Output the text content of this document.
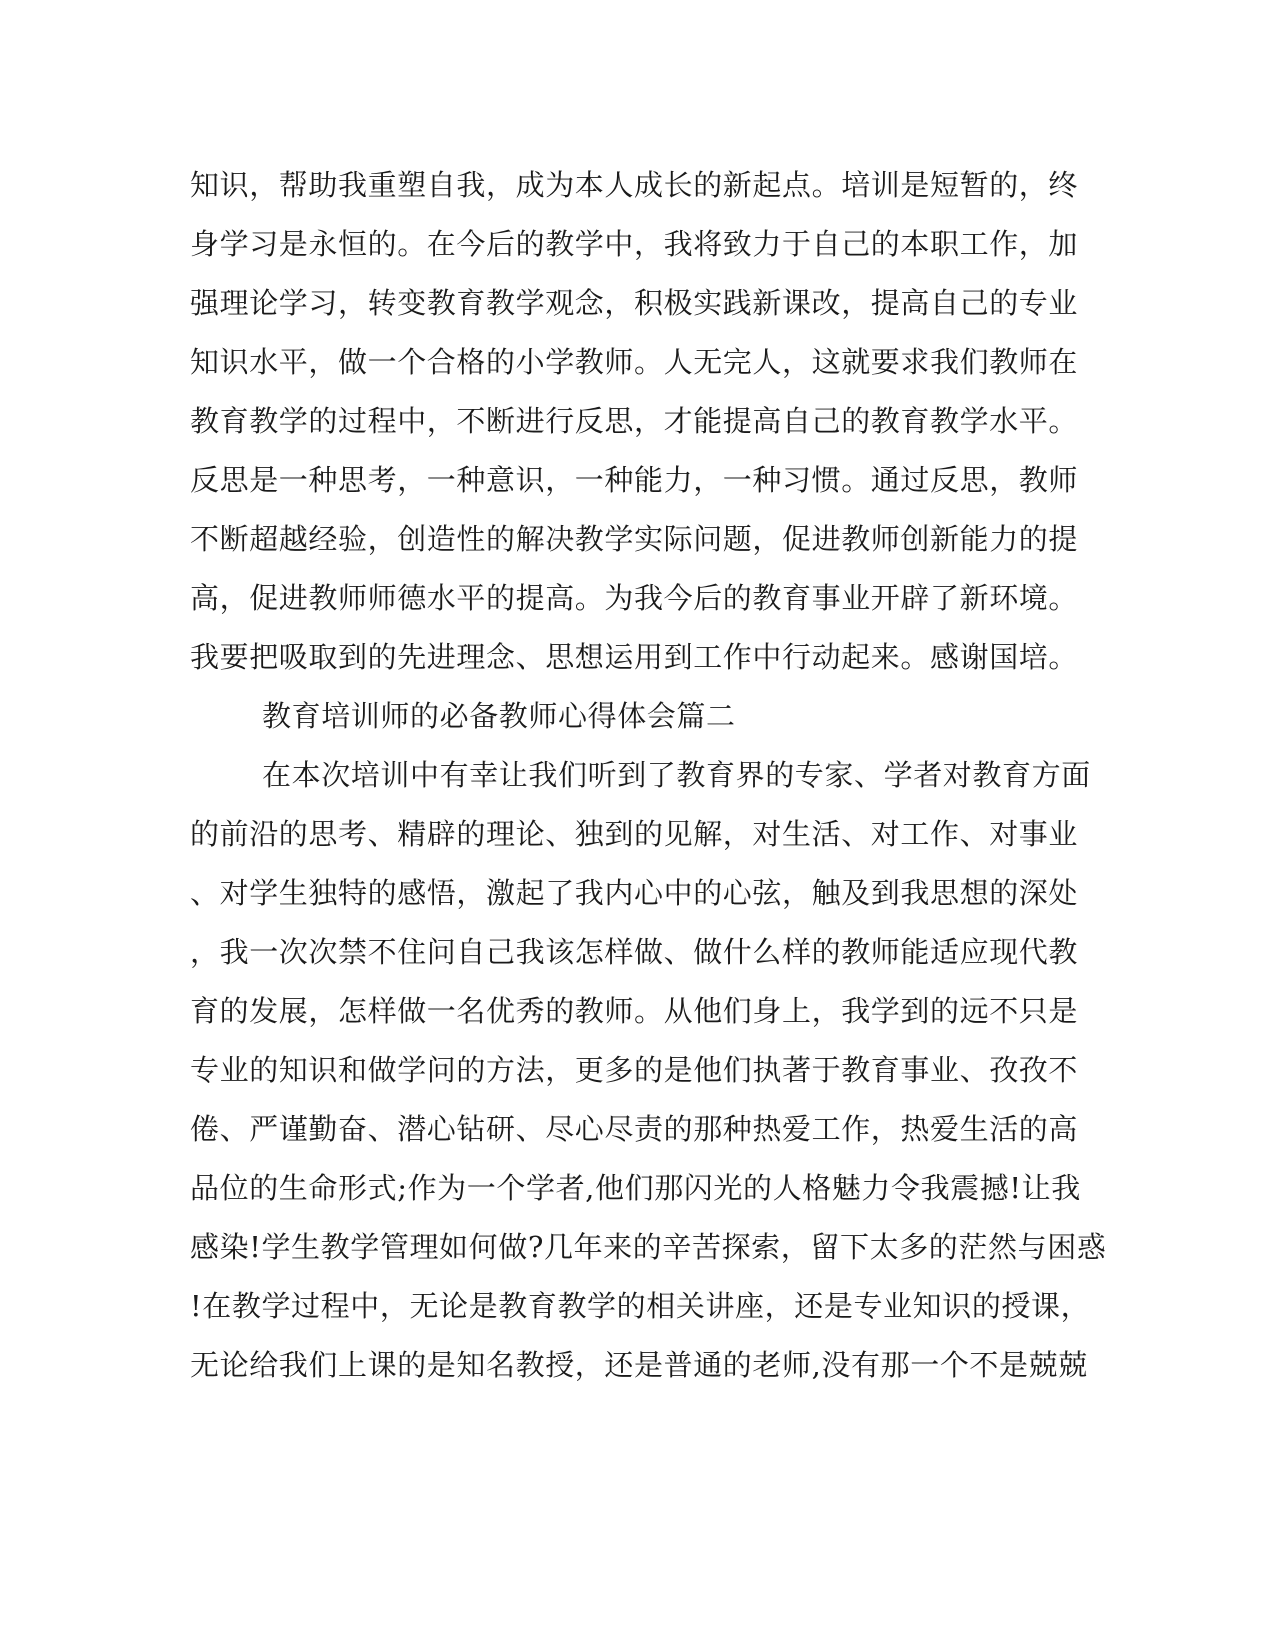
知识，帮助我重塑自我，成为本人成长的新起点。培训是短暂的，终
身学习是永恒的。在今后的教学中，我将致力于自己的本职工作，加
强理论学习，转变教育教学观念，积极实践新课改，提高自己的专业
知识水平，做一个合格的小学教师。人无完人，这就要求我们教师在
教育教学的过程中，不断进行反思，才能提高自己的教育教学水平。
反思是一种思考，一种意识，一种能力，一种习惯。通过反思，教师
不断超越经验，创造性的解决教学实际问题，促进教师创新能力的提
高，促进教师师德水平的提高。为我今后的教育事业开辟了新环境。
我要把吸取到的先进理念、思想运用到工作中行动起来。感谢国培。
教育培训师的必备教师心得体会篇二
在本次培训中有幸让我们听到了教育界的专家、学者对教育方面
的前沿的思考、精辟的理论、独到的见解，对生活、对工作、对事业
、对学生独特的感悟，激起了我内心中的心弦，触及到我思想的深处
，我一次次禁不住问自己我该怎样做、做什么样的教师能适应现代教
育的发展，怎样做一名优秀的教师。从他们身上，我学到的远不只是
专业的知识和做学问的方法，更多的是他们执著于教育事业、孜孜不
倦、严谨勤奋、潜心钻研、尽心尽责的那种热爱工作，热爱生活的高
品位的生命形式;作为一个学者,他们那闪光的人格魅力令我震撼!让我
感染!学生教学管理如何做?几年来的辛苦探索，留下太多的茫然与困惑
!在教学过程中，无论是教育教学的相关讲座，还是专业知识的授课，
无论给我们上课的是知名教授，还是普通的老师,没有那一个不是兢兢
